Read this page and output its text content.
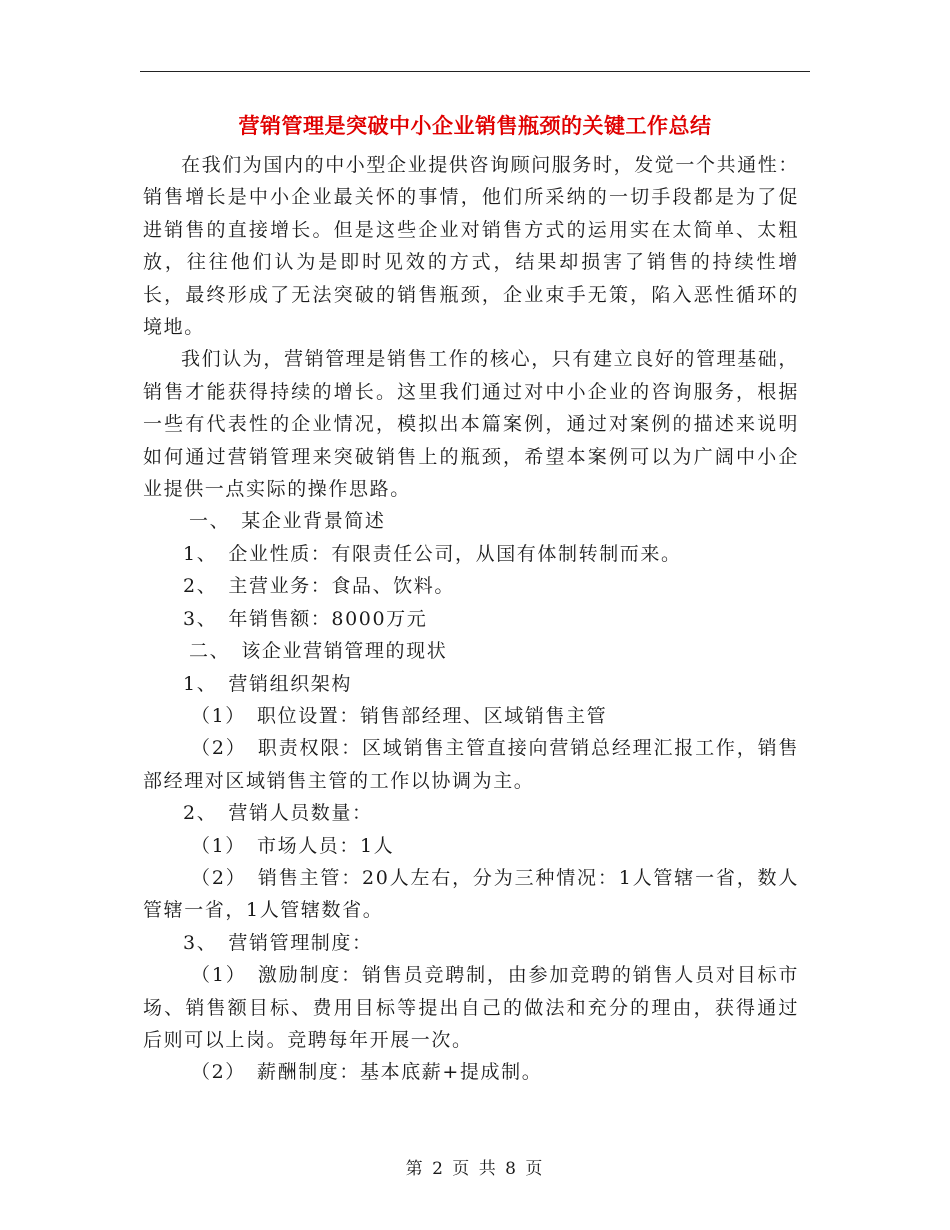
营销管理是突破中小企业销售瓶颈的关键工作总结

在我们为国内的中小型企业提供咨询顾问服务时，发觉一个共通性：销售增长是中小企业最关怀的事情，他们所采纳的一切手段都是为了促进销售的直接增长。但是这些企业对销售方式的运用实在太简单、太粗放，往往他们认为是即时见效的方式，结果却损害了销售的持续性增长，最终形成了无法突破的销售瓶颈，企业束手无策，陷入恶性循环的境地。

我们认为，营销管理是销售工作的核心，只有建立良好的管理基础，销售才能获得持续的增长。这里我们通过对中小企业的咨询服务，根据一些有代表性的企业情况，模拟出本篇案例，通过对案例的描述来说明如何通过营销管理来突破销售上的瓶颈，希望本案例可以为广阔中小企业提供一点实际的操作思路。

一、　某企业背景简述

1、　企业性质：有限责任公司，从国有体制转制而来。

2、　主营业务：食品、饮料。

3、　年销售额：8000万元

二、　该企业营销管理的现状

1、　营销组织架构

（1）　职位设置：销售部经理、区域销售主管

（2）　职责权限：区域销售主管直接向营销总经理汇报工作，销售部经理对区域销售主管的工作以协调为主。

2、　营销人员数量：

（1）　市场人员：1人

（2）　销售主管：20人左右，分为三种情况：1人管辖一省，数人管辖一省，1人管辖数省。

3、　营销管理制度：

（1）　激励制度：销售员竞聘制，由参加竞聘的销售人员对目标市场、销售额目标、费用目标等提出自己的做法和充分的理由，获得通过后则可以上岗。竞聘每年开展一次。

（2）　薪酬制度：基本底薪+提成制。

第 2 页 共 8 页
